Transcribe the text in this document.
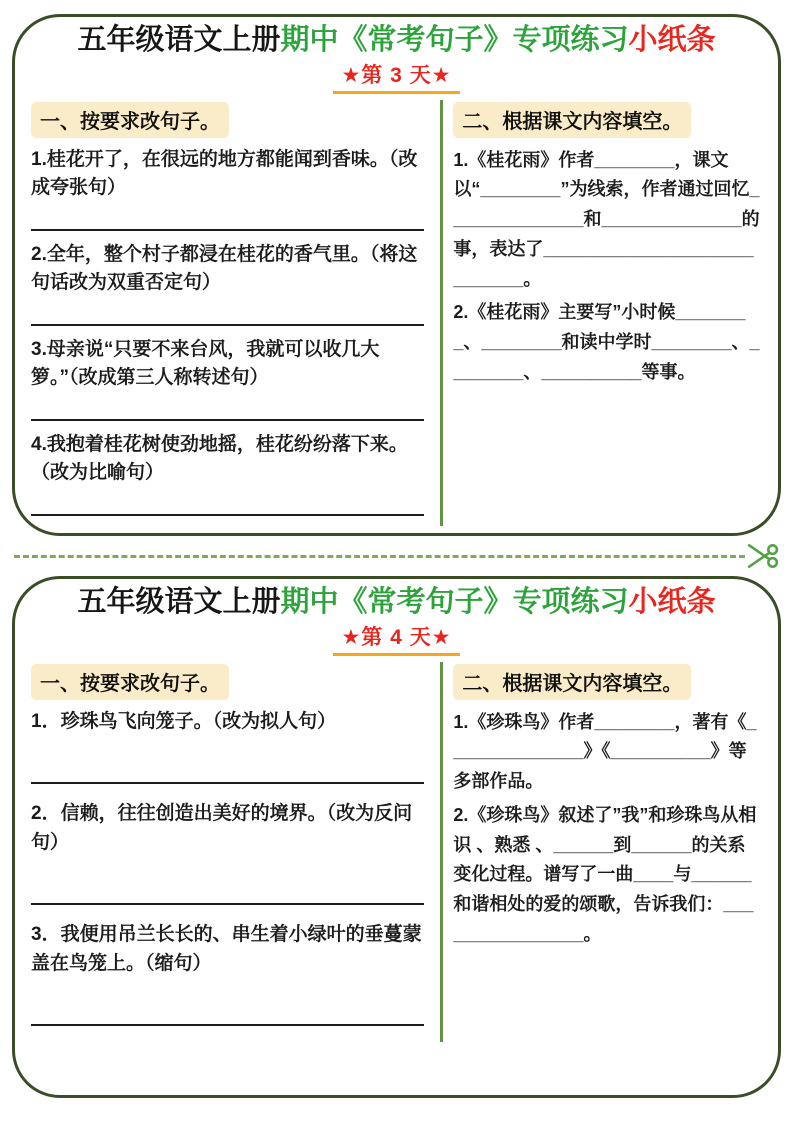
五年级语文上册期中《常考句子》专项练习小纸条
★第 3 天★
一、按要求改句子。

1.桂花开了，在很远的地方都能闻到香味。（改成夸张句）

2.全年，整个村子都浸在桂花的香气里。（将这句话改为双重否定句）

3.母亲说“只要不来台风，我就可以收几大箩。”（改成第三人称转述句）

4.我抱着桂花树使劲地摇，桂花纷纷落下来。（改为比喻句）

二、根据课文内容填空。

1.《桂花雨》作者________，课文以“________”为线索，作者通过回忆______________和______________的事，表达了____________________________。

2.《桂花雨》主要写”小时候________、________和读中学时________、________、__________等事。

五年级语文上册期中《常考句子》专项练习小纸条
★第 4 天★
一、按要求改句子。

1．珍珠鸟飞向笼子。（改为拟人句）

2．信赖，往往创造出美好的境界。（改为反问句）

3．我便用吊兰长长的、串生着小绿叶的垂蔓蒙盖在鸟笼上。（缩句）

二、根据课文内容填空。

1.《珍珠鸟》作者________，著有《______________》《__________》等多部作品。

2.《珍珠鸟》叙述了”我”和珍珠鸟从相识 、熟悉 、______到______的关系变化过程。谱写了一曲____与______和谐相处的爱的颂歌，告诉我们：________________。
